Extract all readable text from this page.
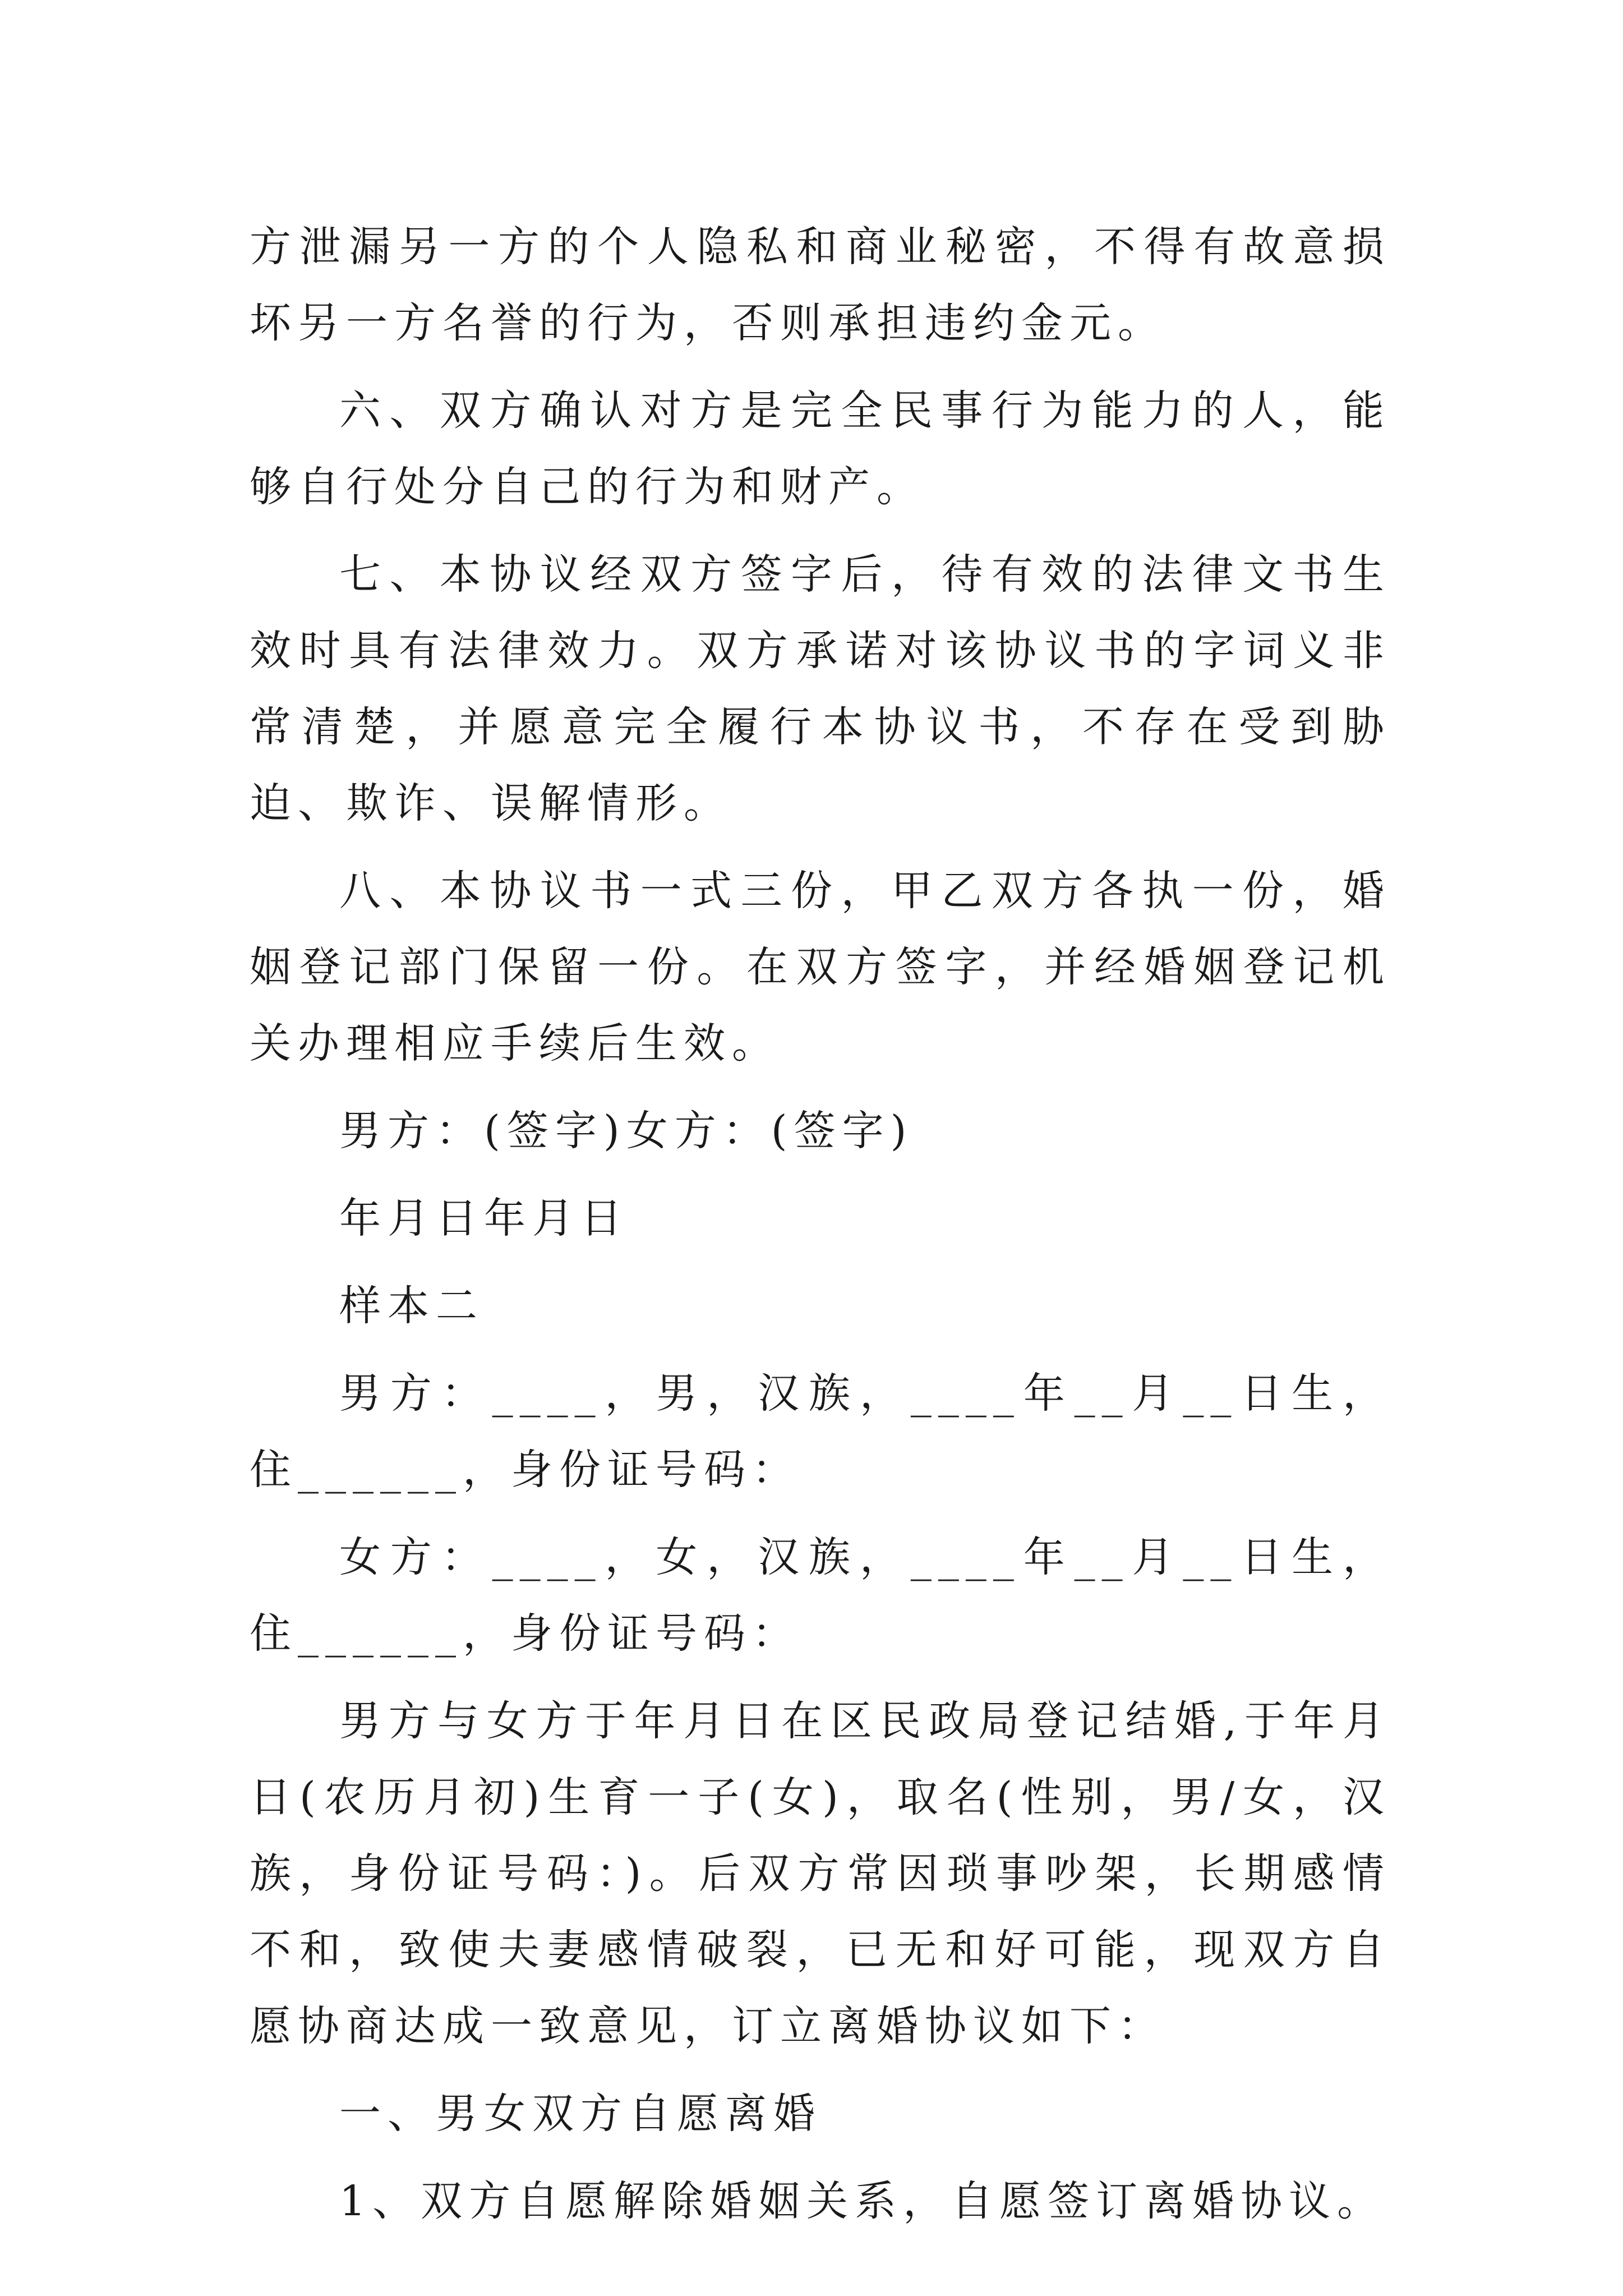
方泄漏另一方的个人隐私和商业秘密，不得有故意损坏另一方名誉的行为，否则承担违约金元。

六、双方确认对方是完全民事行为能力的人，能够自行处分自己的行为和财产。

七、本协议经双方签字后，待有效的法律文书生效时具有法律效力。双方承诺对该协议书的字词义非常清楚，并愿意完全履行本协议书，不存在受到胁迫、欺诈、误解情形。

八、本协议书一式三份，甲乙双方各执一份，婚姻登记部门保留一份。在双方签字，并经婚姻登记机关办理相应手续后生效。

男方：(签字)女方：(签字)

年月日年月日

样本二

男方：____，男，汉族，____年__月__日生，住______，身份证号码：

女方：____，女，汉族，____年__月__日生，住______，身份证号码：

男方与女方于年月日在区民政局登记结婚,于年月日(农历月初)生育一子(女)，取名(性别，男/女，汉族，身份证号码：)。后双方常因琐事吵架，长期感情不和，致使夫妻感情破裂，已无和好可能，现双方自愿协商达成一致意见，订立离婚协议如下：

一、男女双方自愿离婚

1、双方自愿解除婚姻关系，自愿签订离婚协议。
